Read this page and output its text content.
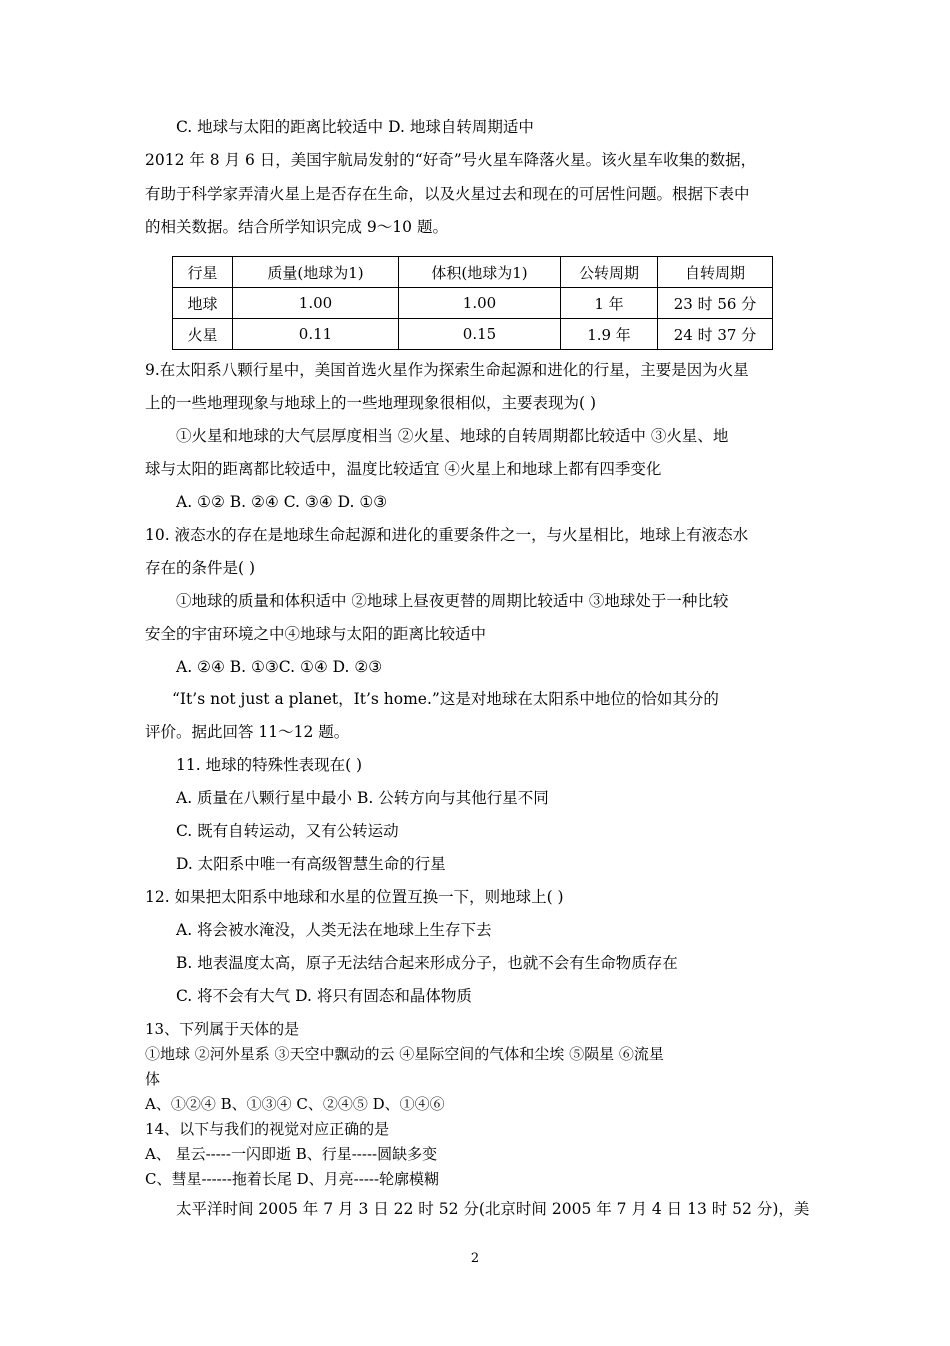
C. 地球与太阳的距离比较适中 D. 地球自转周期适中
2012 年 8 月 6 日，美国宇航局发射的“好奇”号火星车降落火星。该火星车收集的数据，
有助于科学家弄清火星上是否存在生命，以及火星过去和现在的可居性问题。根据下表中
的相关数据。结合所学知识完成 9～10 题。
行星	质量(地球为1)	体积(地球为1)	公转周期	自转周期
地球	1.00	1.00	1 年	23 时 56 分
火星	0.11	0.15	1.9 年	24 时 37 分
9.在太阳系八颗行星中，美国首选火星作为探索生命起源和进化的行星，主要是因为火星
上的一些地理现象与地球上的一些地理现象很相似，主要表现为( )
①火星和地球的大气层厚度相当 ②火星、地球的自转周期都比较适中 ③火星、地
球与太阳的距离都比较适中，温度比较适宜 ④火星上和地球上都有四季变化
A. ①② B. ②④ C. ③④ D. ①③
10. 液态水的存在是地球生命起源和进化的重要条件之一，与火星相比，地球上有液态水
存在的条件是( )
①地球的质量和体积适中 ②地球上昼夜更替的周期比较适中 ③地球处于一种比较
安全的宇宙环境之中④地球与太阳的距离比较适中
A. ②④ B. ①③C. ①④ D. ②③
“It’s not just a planet，It’s home.”这是对地球在太阳系中地位的恰如其分的
评价。据此回答 11～12 题。
11. 地球的特殊性表现在( )
A. 质量在八颗行星中最小 B. 公转方向与其他行星不同
C. 既有自转运动，又有公转运动
D. 太阳系中唯一有高级智慧生命的行星
12. 如果把太阳系中地球和水星的位置互换一下，则地球上( )
A. 将会被水淹没，人类无法在地球上生存下去
B. 地表温度太高，原子无法结合起来形成分子，也就不会有生命物质存在
C. 将不会有大气 D. 将只有固态和晶体物质
13、下列属于天体的是
①地球 ②河外星系 ③天空中飘动的云 ④星际空间的气体和尘埃 ⑤陨星 ⑥流星
体
A、①②④ B、①③④ C、②④⑤ D、①④⑥
14、以下与我们的视觉对应正确的是
A、 星云-----一闪即逝 B、行星-----圆缺多变
C、彗星------拖着长尾 D、月亮-----轮廓模糊
太平洋时间 2005 年 7 月 3 日 22 时 52 分(北京时间 2005 年 7 月 4 日 13 时 52 分)，美
2
